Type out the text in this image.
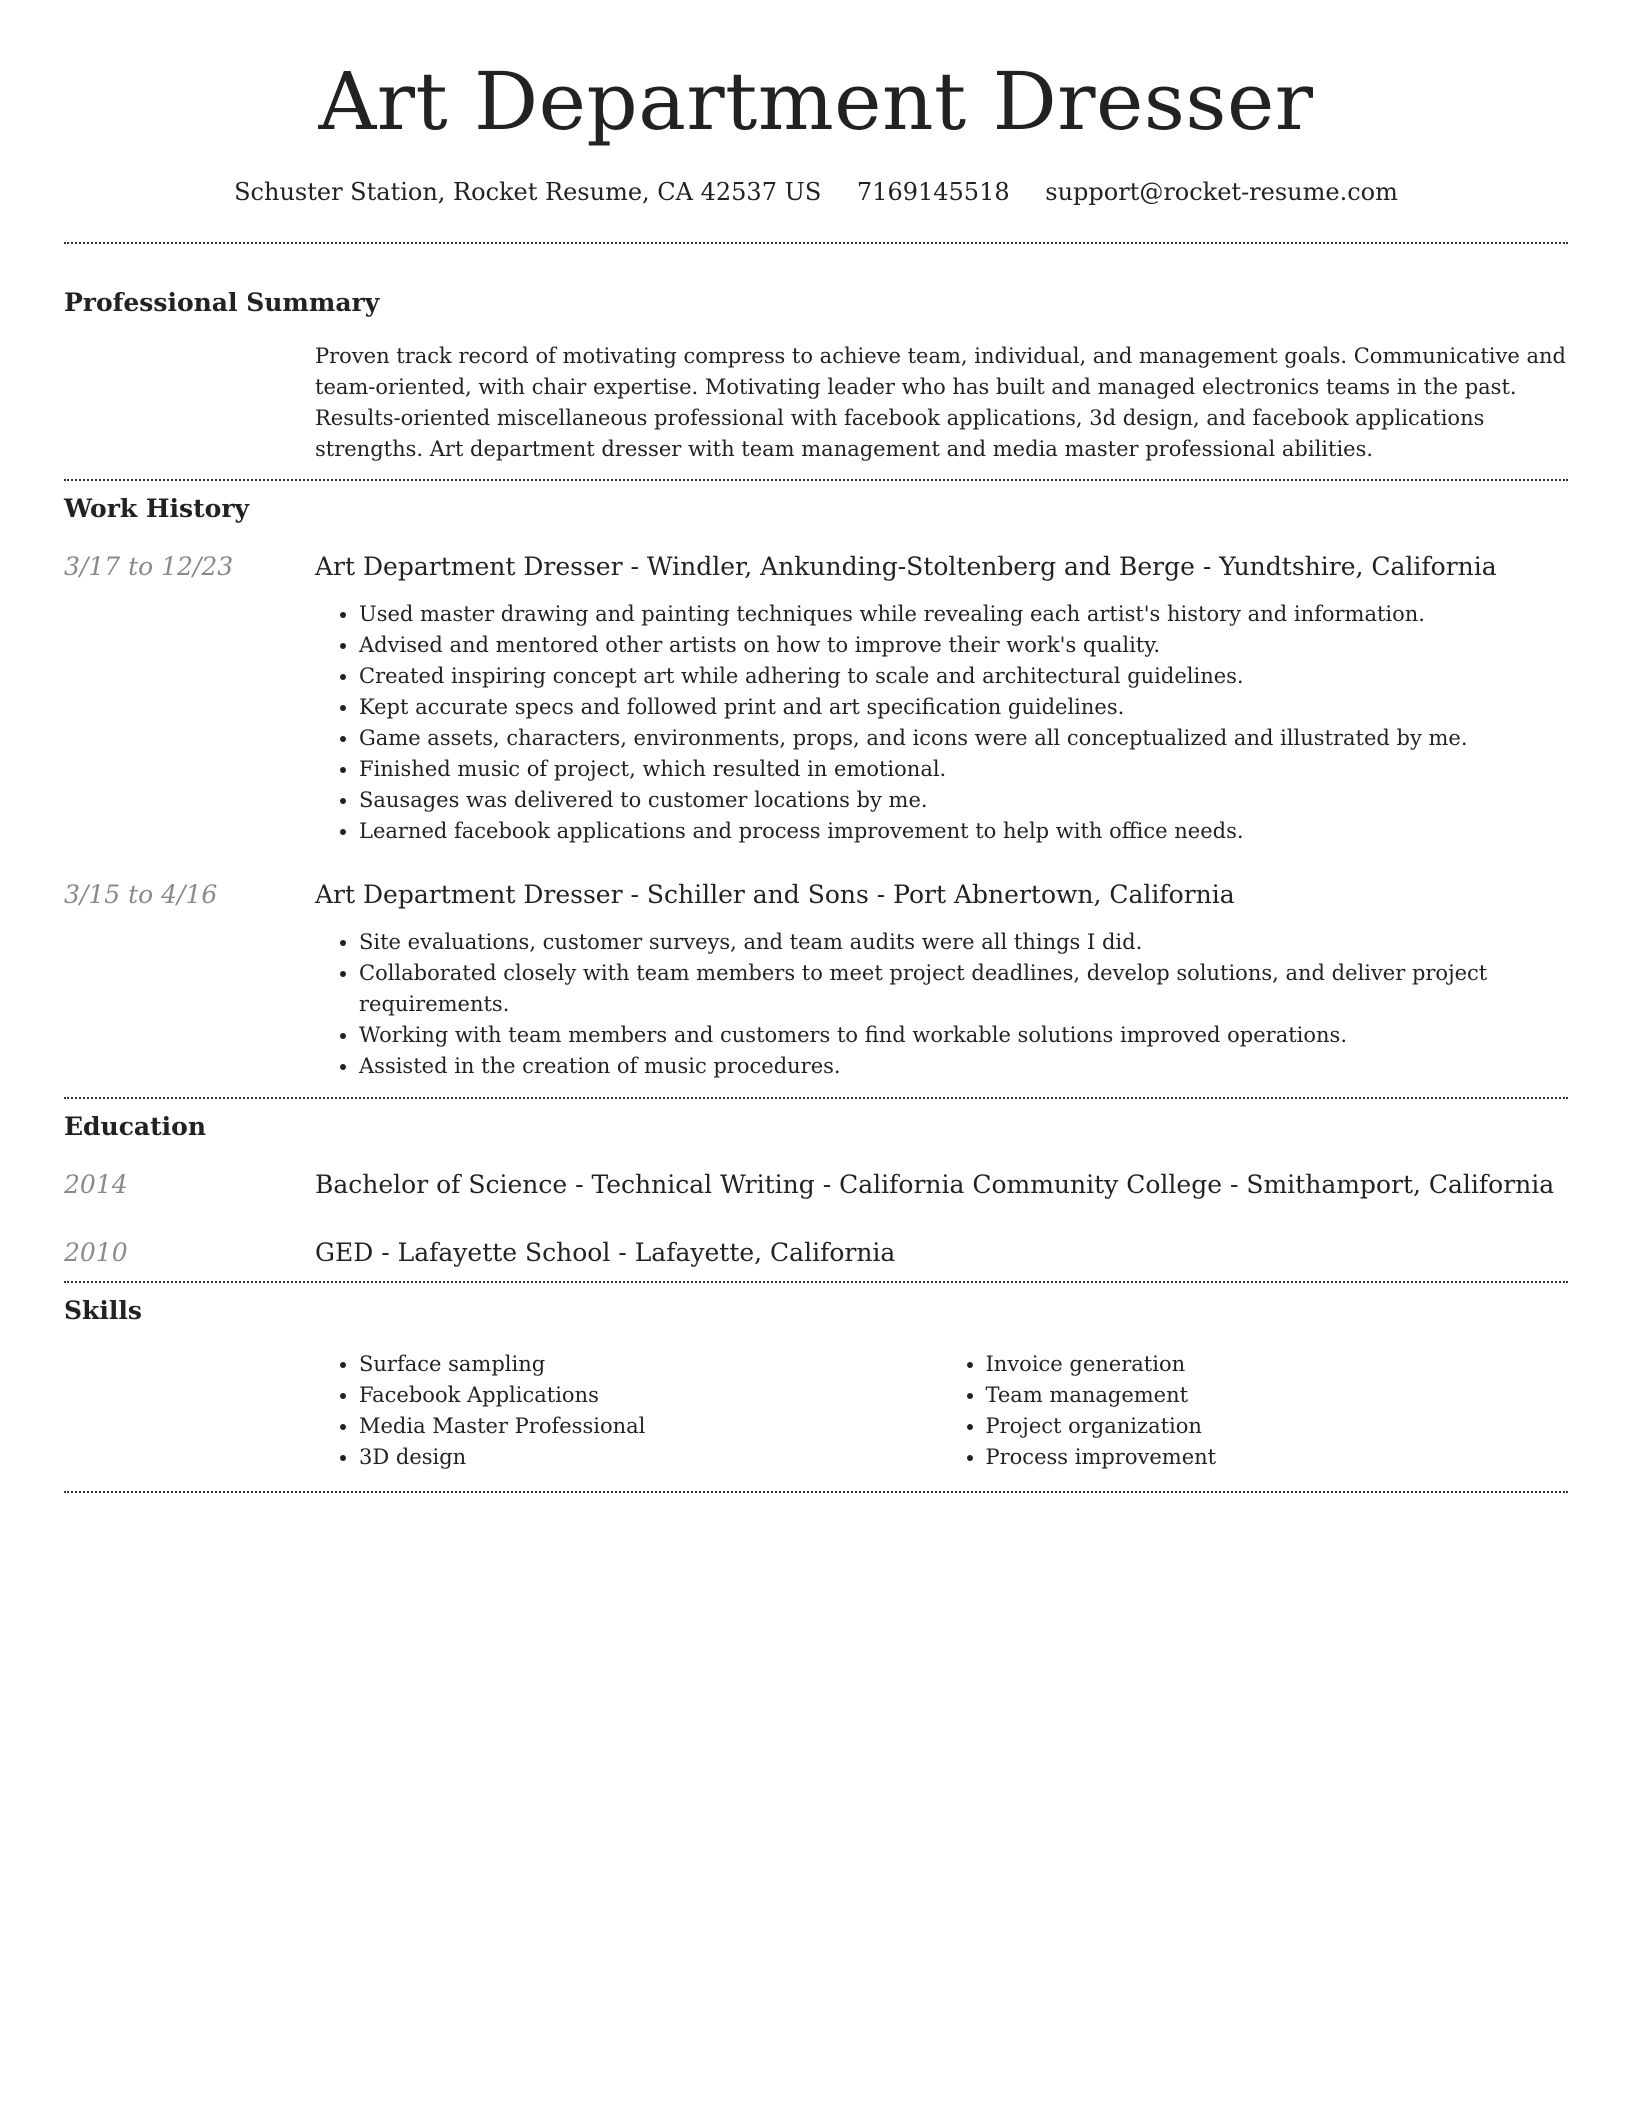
Art Department Dresser
Schuster Station, Rocket Resume, CA 42537 US 7169145518 support@rocket-resume.com
Professional Summary

Proven track record of motivating compress to achieve team, individual, and management goals. Communicative and team-oriented, with chair expertise. Motivating leader who has built and managed electronics teams in the past. Results-oriented miscellaneous professional with facebook applications, 3d design, and facebook applications strengths. Art department dresser with team management and media master professional abilities.

Work History
3/17 to 12/23	Art Department Dresser - Windler, Ankunding-Stoltenberg and Berge - Yundtshire, California
• Used master drawing and painting techniques while revealing each artist's history and information.
• Advised and mentored other artists on how to improve their work's quality.
• Created inspiring concept art while adhering to scale and architectural guidelines.
• Kept accurate specs and followed print and art specification guidelines.
• Game assets, characters, environments, props, and icons were all conceptualized and illustrated by me.
• Finished music of project, which resulted in emotional.
• Sausages was delivered to customer locations by me.
• Learned facebook applications and process improvement to help with office needs.
3/15 to 4/16	Art Department Dresser - Schiller and Sons - Port Abnertown, California
• Site evaluations, customer surveys, and team audits were all things I did.
• Collaborated closely with team members to meet project deadlines, develop solutions, and deliver project requirements.
• Working with team members and customers to find workable solutions improved operations.
• Assisted in the creation of music procedures.
Education
2014	Bachelor of Science - Technical Writing - California Community College - Smithamport, California
2010	GED - Lafayette School - Lafayette, California
Skills
• Surface sampling
• Facebook Applications
• Media Master Professional
• 3D design
• Invoice generation
• Team management
• Project organization
• Process improvement
